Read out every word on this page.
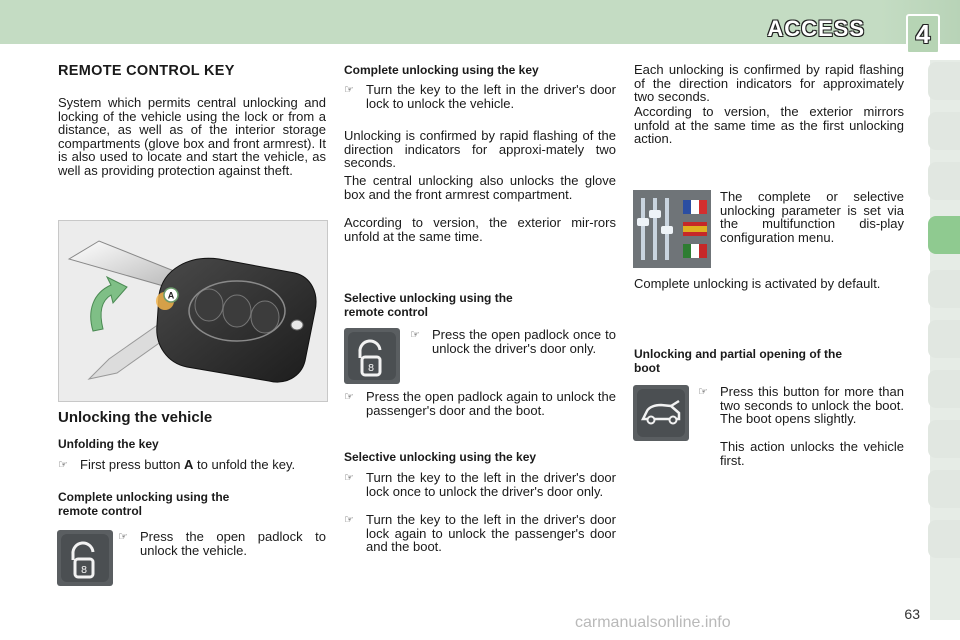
ACCESS 4
REMOTE CONTROL KEY
System which permits central unlocking and locking of the vehicle using the lock or from a distance, as well as of the interior storage compartments (glove box and front armrest). It is also used to locate and start the vehicle, as well as providing protection against theft.
A
Unlocking the vehicle
Unfolding the key
☞ First press button A to unfold the key.
Complete unlocking using the
remote control
8
☞ Press the open padlock to unlock the vehicle.
Complete unlocking using the key
☞ Turn the key to the left in the driver's door lock to unlock the vehicle.
Unlocking is confirmed by rapid flashing of the direction indicators for approxi-mately two seconds.
The central unlocking also unlocks the glove box and the front armrest compartment.
According to version, the exterior mir-rors unfold at the same time.
Selective unlocking using the
remote control
8
☞ Press the open padlock once to unlock the driver's door only.
☞ Press the open padlock again to unlock the passenger's door and the boot.
Selective unlocking using the key
☞ Turn the key to the left in the driver's door lock once to unlock the driver's door only.
☞ Turn the key to the left in the driver's door lock again to unlock the passenger's door and the boot.
Each unlocking is confirmed by rapid flashing of the direction indicators for approximately two seconds.
According to version, the exterior mirrors unfold at the same time as the first unlocking action.
The complete or selective unlocking parameter is set via the multifunction dis-play configuration menu.
Complete unlocking is activated by default.
Unlocking and partial opening of the
boot
☞ Press this button for more than two seconds to unlock the boot. The boot opens slightly.
This action unlocks the vehicle first.
carmanualsonline.info	63
